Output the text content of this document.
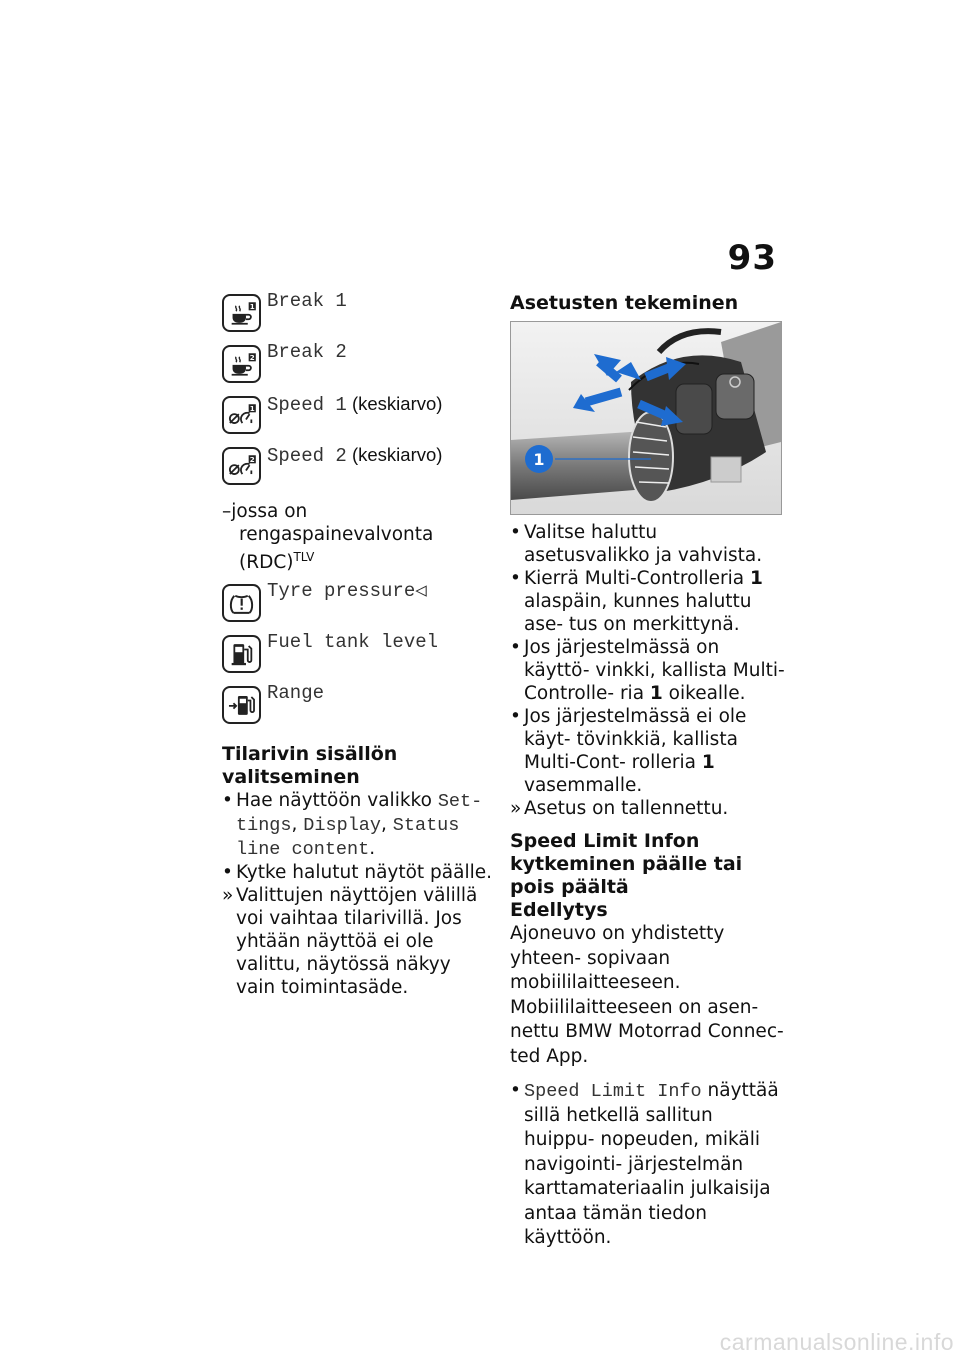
93
1 Break 1
2 Break 2
1 Speed 1 (keskiarvo)
2 Speed 2 (keskiarvo)
–jossa on rengaspainevalvonta (RDC)$^{TLV}$
Tyre pressure◁
Fuel tank level
Range
Tilarivin sisällön valitseminen

• Hae näyttöön valikko Set- tings, Display, Status line content.

• Kytke halutut näytöt päälle.

» Valittujen näyttöjen välillä voi vaihtaa tilarivillä. Jos yhtään näyttöä ei ole valittu, näytössä näkyy vain toimintasäde.

Asetusten tekeminen
1

• Valitse haluttu asetusvalikko ja vahvista.

• Kierrä Multi-Controlleria 1 alaspäin, kunnes haluttu ase- tus on merkittynä.

• Jos järjestelmässä on käyttö- vinkki, kallista Multi-Controlle- ria 1 oikealle.

• Jos järjestelmässä ei ole käyt- tövinkkiä, kallista Multi-Cont- rolleria 1 vasemmalle.

» Asetus on tallennettu.

Speed Limit Infon kytkeminen päälle tai pois päältä
Edellytys

Ajoneuvo on yhdistetty yhteen- sopivaan mobiililaitteeseen. Mobiililaitteeseen on asen- nettu BMW Motorrad Connec- ted App.

• Speed Limit Info näyttää sillä hetkellä sallitun huippu- nopeuden, mikäli navigointi- järjestelmän karttamateriaalin julkaisija antaa tämän tiedon käyttöön.

carmanualsonline.info
